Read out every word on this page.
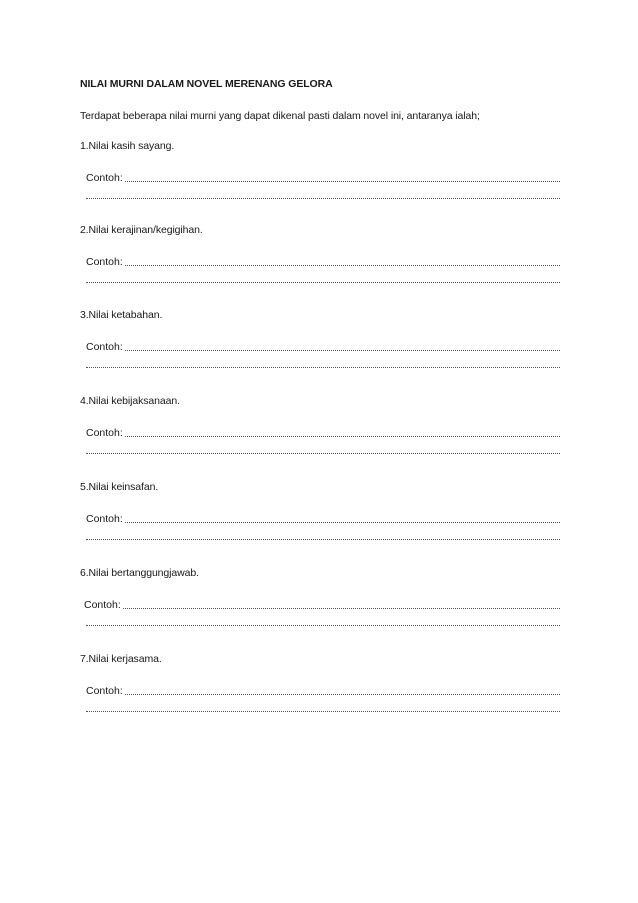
NILAI MURNI DALAM NOVEL MERENANG GELORA
Terdapat beberapa nilai murni yang dapat dikenal pasti dalam novel ini, antaranya ialah;
1.Nilai kasih sayang.
Contoh:
2.Nilai kerajinan/kegigihan.
Contoh:
3.Nilai ketabahan.
Contoh:
4.Nilai kebijaksanaan.
Contoh:
5.Nilai keinsafan.
Contoh:
6.Nilai bertanggungjawab.
Contoh:
7.Nilai kerjasama.
Contoh:
